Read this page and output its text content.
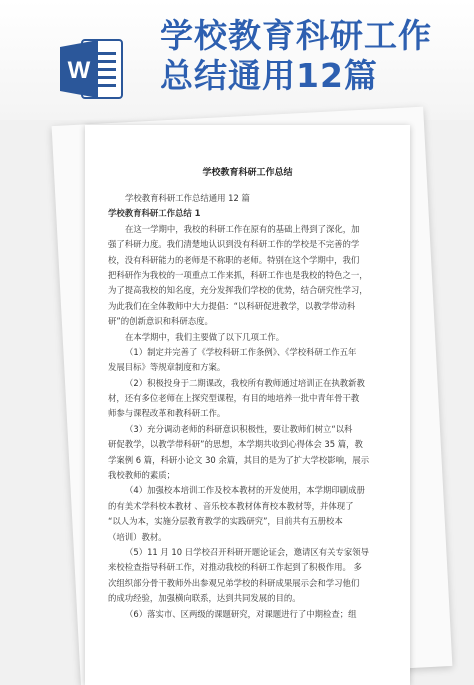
W
学校教育科研工作
总结通用12篇
学校教育科研工作总结
学校教育科研工作总结通用 12 篇
学校教育科研工作总结 1
在这一学期中，我校的科研工作在原有的基础上得到了深化，加
强了科研力度。我们清楚地认识到没有科研工作的学校是不完善的学
校，没有科研能力的老师是不称职的老师。特别在这个学期中，我们
把科研作为我校的一项重点工作来抓，科研工作也是我校的特色之一，
为了提高我校的知名度，充分发挥我们学校的优势，结合研究性学习，
为此我们在全体教师中大力提倡：“以科研促进教学，以教学带动科
研”的创新意识和科研态度。
在本学期中，我们主要做了以下几项工作。
（1）制定并完善了《学校科研工作条例》、《学校科研工作五年
发展目标》等规章制度和方案。
（2）积极投身于二期课改，我校所有教师通过培训正在执教新教
材，还有多位老师在上探究型课程，有目的地培养一批中青年骨干教
师参与课程改革和教科研工作。
（3）充分调动老师的科研意识积极性，要让教师们树立“以科
研促教学，以教学带科研”的思想，本学期共收到心得体会 35 篇，教
学案例 6 篇，科研小论文 30 余篇，其目的是为了扩大学校影响，展示
我校教师的素质；
（4）加强校本培训工作及校本教材的开发使用，本学期印刷成册
的有美术学科校本教材 、音乐校本教材体育校本教材等，并体现了
“以人为本，实施分层教育教学的实践研究”，目前共有五册校本
（培训）教材。
（5）11 月 10 日学校召开科研开题论证会，邀请区有关专家领导
来校检查指导科研工作，对推动我校的科研工作起到了积极作用。 多
次组织部分骨干教师外出参观兄弟学校的科研成果展示会和学习他们
的成功经验，加强横向联系，达到共同发展的目的。
（6）落实市、区两级的课题研究，对课题进行了中期检查；组
